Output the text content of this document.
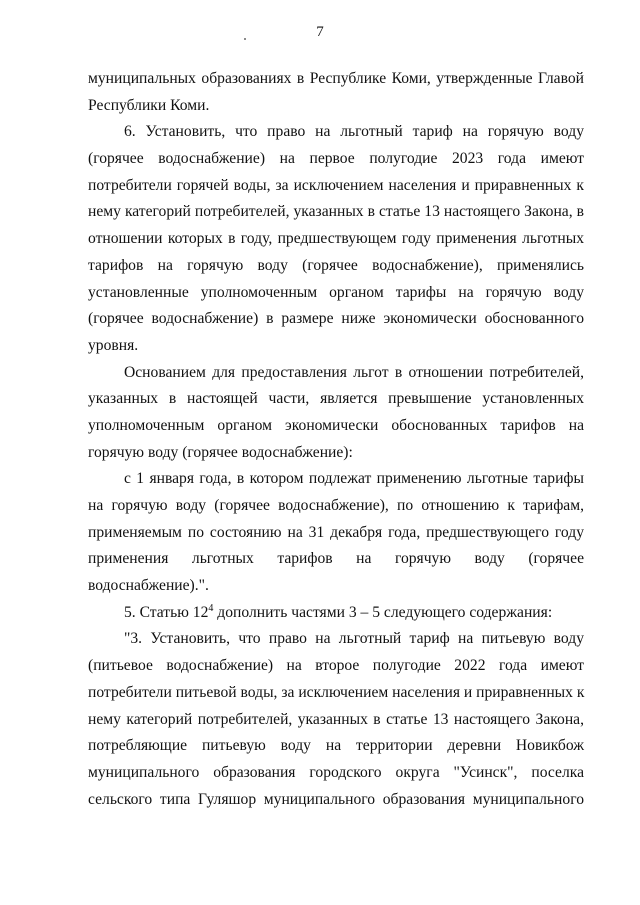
7
муниципальных образованиях в Республике Коми, утвержденные Главой
Республики Коми.
6. Установить, что право на льготный тариф на горячую воду
(горячее водоснабжение) на первое полугодие 2023 года имеют
потребители горячей воды, за исключением населения и приравненных к
нему категорий потребителей, указанных в статье 13 настоящего Закона, в
отношении которых в году, предшествующем году применения льготных
тарифов на горячую воду (горячее водоснабжение), применялись
установленные уполномоченным органом тарифы на горячую воду
(горячее водоснабжение) в размере ниже экономически обоснованного
уровня.
Основанием для предоставления льгот в отношении потребителей,
указанных в настоящей части, является превышение установленных
уполномоченным органом экономически обоснованных тарифов на
горячую воду (горячее водоснабжение):
с 1 января года, в котором подлежат применению льготные тарифы
на горячую воду (горячее водоснабжение), по отношению к тарифам,
применяемым по состоянию на 31 декабря года, предшествующего году
применения льготных тарифов на горячую воду (горячее
водоснабжение).".
5. Статью $12^4$ дополнить частями 3 – 5 следующего содержания:
"3. Установить, что право на льготный тариф на питьевую воду
(питьевое водоснабжение) на второе полугодие 2022 года имеют
потребители питьевой воды, за исключением населения и приравненных к
нему категорий потребителей, указанных в статье 13 настоящего Закона,
потребляющие питьевую воду на территории деревни Новикбож
муниципального образования городского округа "Усинск", поселка
сельского типа Гуляшор муниципального образования муниципального
